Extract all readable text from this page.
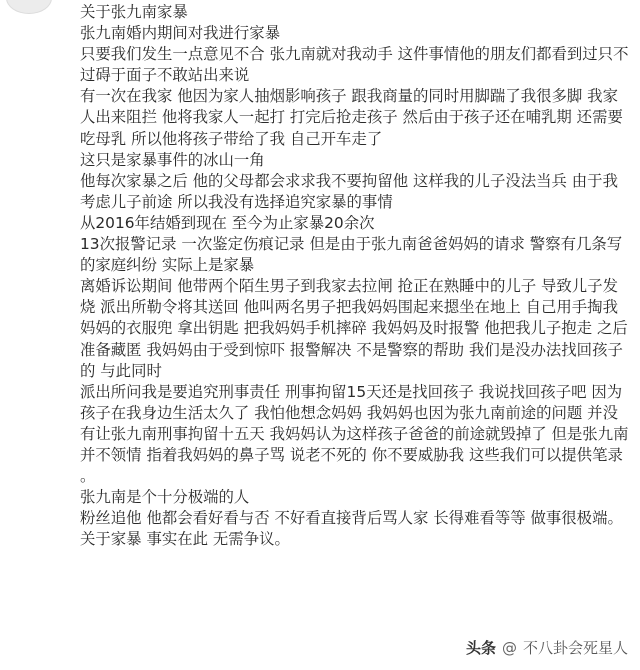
关于张九南家暴
张九南婚内期间对我进行家暴
只要我们发生一点意见不合 张九南就对我动手 这件事情他的朋友们都看到过只不
过碍于面子不敢站出来说
有一次在我家 他因为家人抽烟影响孩子 跟我商量的同时用脚踹了我很多脚 我家
人出来阻拦 他将我家人一起打 打完后抢走孩子 然后由于孩子还在哺乳期 还需要
吃母乳 所以他将孩子带给了我 自己开车走了
这只是家暴事件的冰山一角
他每次家暴之后 他的父母都会求求我不要拘留他 这样我的儿子没法当兵 由于我
考虑儿子前途 所以我没有选择追究家暴的事情
从2016年结婚到现在 至今为止家暴20余次
13次报警记录 一次鉴定伤痕记录 但是由于张九南爸爸妈妈的请求 警察有几条写
的家庭纠纷 实际上是家暴
离婚诉讼期间 他带两个陌生男子到我家去拉闸 抢正在熟睡中的儿子 导致儿子发
烧 派出所勒令将其送回 他叫两名男子把我妈妈围起来摁坐在地上 自己用手掏我
妈妈的衣服兜 拿出钥匙 把我妈妈手机摔碎 我妈妈及时报警 他把我儿子抱走 之后
准备藏匿 我妈妈由于受到惊吓 报警解决 不是警察的帮助 我们是没办法找回孩子
的 与此同时
派出所问我是要追究刑事责任 刑事拘留15天还是找回孩子 我说找回孩子吧 因为
孩子在我身边生活太久了 我怕他想念妈妈 我妈妈也因为张九南前途的问题 并没
有让张九南刑事拘留十五天 我妈妈认为这样孩子爸爸的前途就毁掉了 但是张九南
并不领情 指着我妈妈的鼻子骂 说老不死的 你不要威胁我 这些我们可以提供笔录
。
张九南是个十分极端的人
粉丝追他 他都会看好看与否 不好看直接背后骂人家 长得难看等等 做事很极端。
关于家暴 事实在此 无需争议。
头条 @ 不八卦会死星人
